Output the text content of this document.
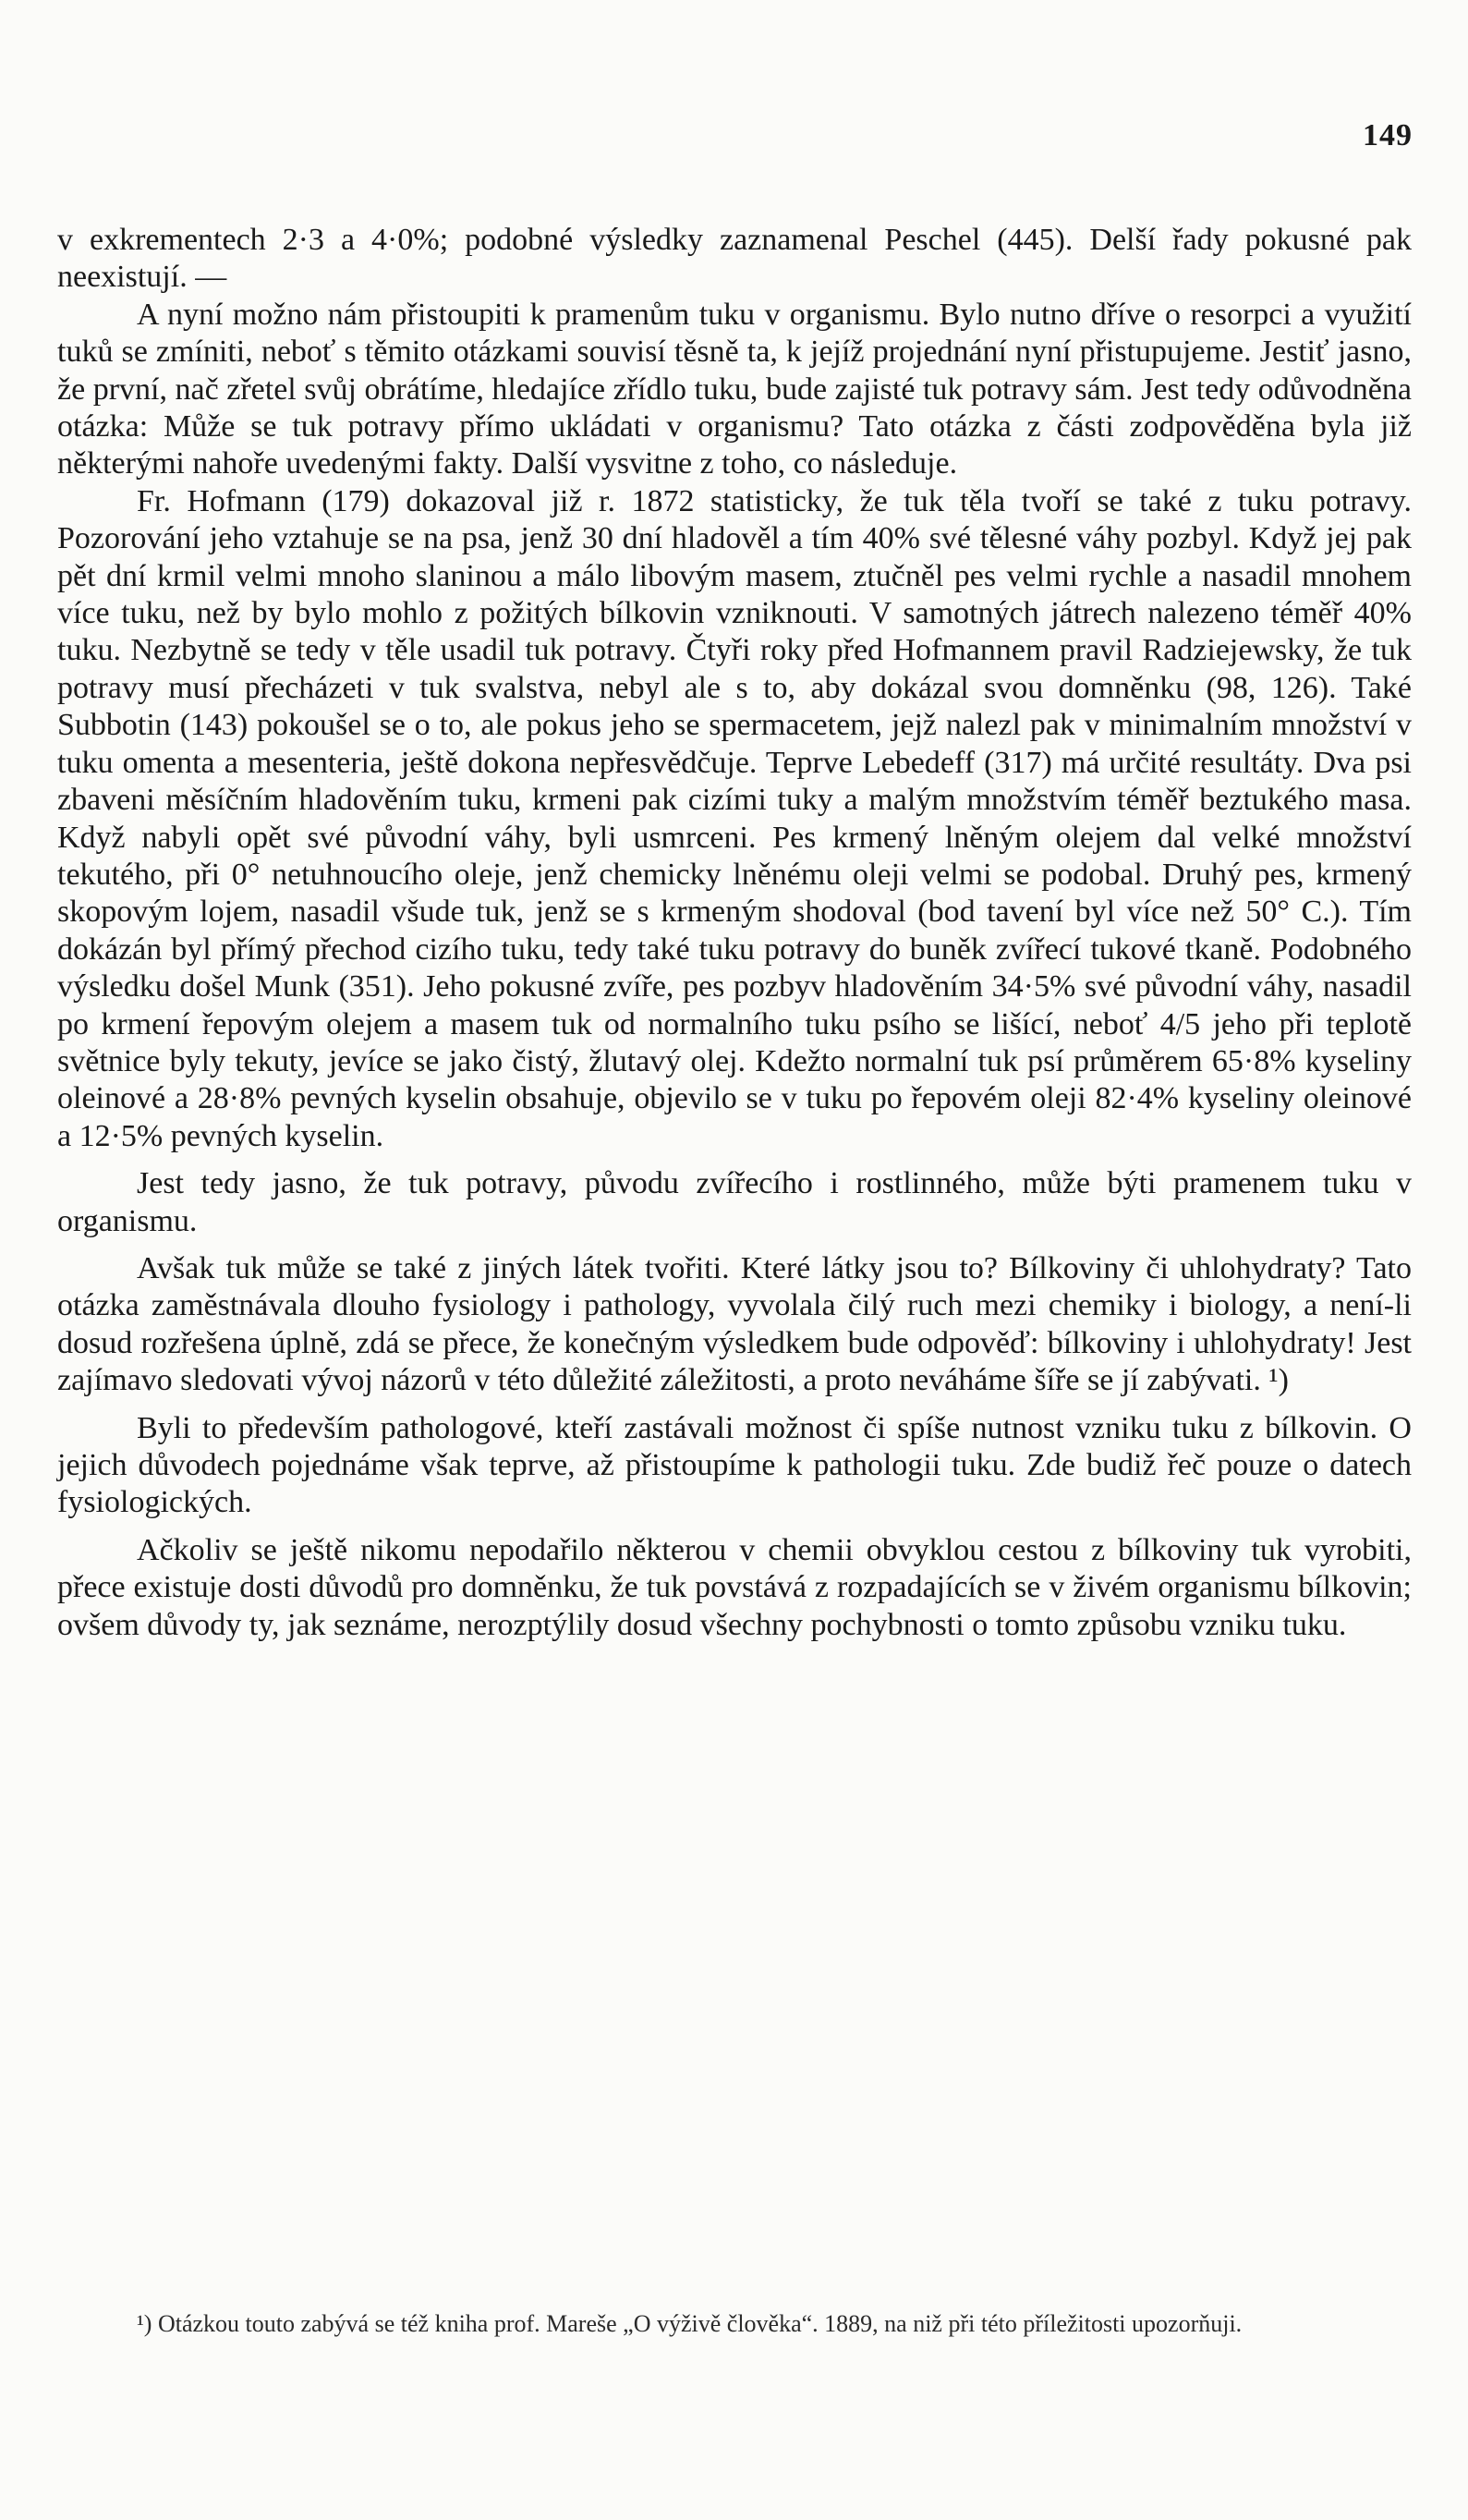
149

v exkrementech 2·3 a 4·0%; podobné výsledky zaznamenal Peschel (445). Delší řady pokusné pak neexistují. —

A nyní možno nám přistoupiti k pramenům tuku v organismu. Bylo nutno dříve o resorpci a využití tuků se zmíniti, neboť s těmito otázkami souvisí těsně ta, k jejíž projednání nyní přistupujeme. Jestiť jasno, že první, nač zřetel svůj obrátíme, hledajíce zřídlo tuku, bude zajisté tuk potravy sám. Jest tedy odůvodněna otázka: Může se tuk potravy přímo ukládati v organismu? Tato otázka z části zodpověděna byla již některými nahoře uvedenými fakty. Další vysvitne z toho, co následuje.

Fr. Hofmann (179) dokazoval již r. 1872 statisticky, že tuk těla tvoří se také z tuku potravy. Pozorování jeho vztahuje se na psa, jenž 30 dní hladověl a tím 40% své tělesné váhy pozbyl. Když jej pak pět dní krmil velmi mnoho slaninou a málo libovým masem, ztučněl pes velmi rychle a nasadil mnohem více tuku, než by bylo mohlo z požitých bílkovin vzniknouti. V samotných játrech nalezeno téměř 40% tuku. Nezbytně se tedy v těle usadil tuk potravy. Čtyři roky před Hofmannem pravil Radziejewsky, že tuk potravy musí přecházeti v tuk svalstva, nebyl ale s to, aby dokázal svou domněnku (98, 126). Také Subbotin (143) pokoušel se o to, ale pokus jeho se spermacetem, jejž nalezl pak v minimalním množství v tuku omenta a mesenteria, ještě dokona nepřesvědčuje. Teprve Lebedeff (317) má určité resultáty. Dva psi zbaveni měsíčním hladověním tuku, krmeni pak cizími tuky a malým množstvím téměř beztukého masa. Když nabyli opět své původní váhy, byli usmrceni. Pes krmený lněným olejem dal velké množství tekutého, při 0° netuhnoucího oleje, jenž chemicky lněnému oleji velmi se podobal. Druhý pes, krmený skopovým lojem, nasadil všude tuk, jenž se s krmeným shodoval (bod tavení byl více než 50° C.). Tím dokázán byl přímý přechod cizího tuku, tedy také tuku potravy do buněk zvířecí tukové tkaně. Podobného výsledku došel Munk (351). Jeho pokusné zvíře, pes pozbyv hladověním 34·5% své původní váhy, nasadil po krmení řepovým olejem a masem tuk od normalního tuku psího se lišící, neboť 4/5 jeho při teplotě světnice byly tekuty, jevíce se jako čistý, žlutavý olej. Kdežto normalní tuk psí průměrem 65·8% kyseliny oleinové a 28·8% pevných kyselin obsahuje, objevilo se v tuku po řepovém oleji 82·4% kyseliny oleinové a 12·5% pevných kyselin.

Jest tedy jasno, že tuk potravy, původu zvířecího i rostlinného, může býti pramenem tuku v organismu.

Avšak tuk může se také z jiných látek tvořiti. Které látky jsou to? Bílkoviny či uhlohydraty? Tato otázka zaměstnávala dlouho fysiology i pathology, vyvolala čilý ruch mezi chemiky i biology, a není-li dosud rozřešena úplně, zdá se přece, že konečným výsledkem bude odpověď: bílkoviny i uhlohydraty! Jest zajímavo sledovati vývoj názorů v této důležité záležitosti, a proto neváháme šíře se jí zabývati. ¹)

Byli to především pathologové, kteří zastávali možnost či spíše nutnost vzniku tuku z bílkovin. O jejich důvodech pojednáme však teprve, až přistoupíme k pathologii tuku. Zde budiž řeč pouze o datech fysiologických.

Ačkoliv se ještě nikomu nepodařilo některou v chemii obvyklou cestou z bílkoviny tuk vyrobiti, přece existuje dosti důvodů pro domněnku, že tuk povstává z rozpadajících se v živém organismu bílkovin; ovšem důvody ty, jak seznáme, nerozptýlily dosud všechny pochybnosti o tomto způsobu vzniku tuku.

¹) Otázkou touto zabývá se též kniha prof. Mareše „O výživě člověka“. 1889, na niž při této příležitosti upozorňuji.
